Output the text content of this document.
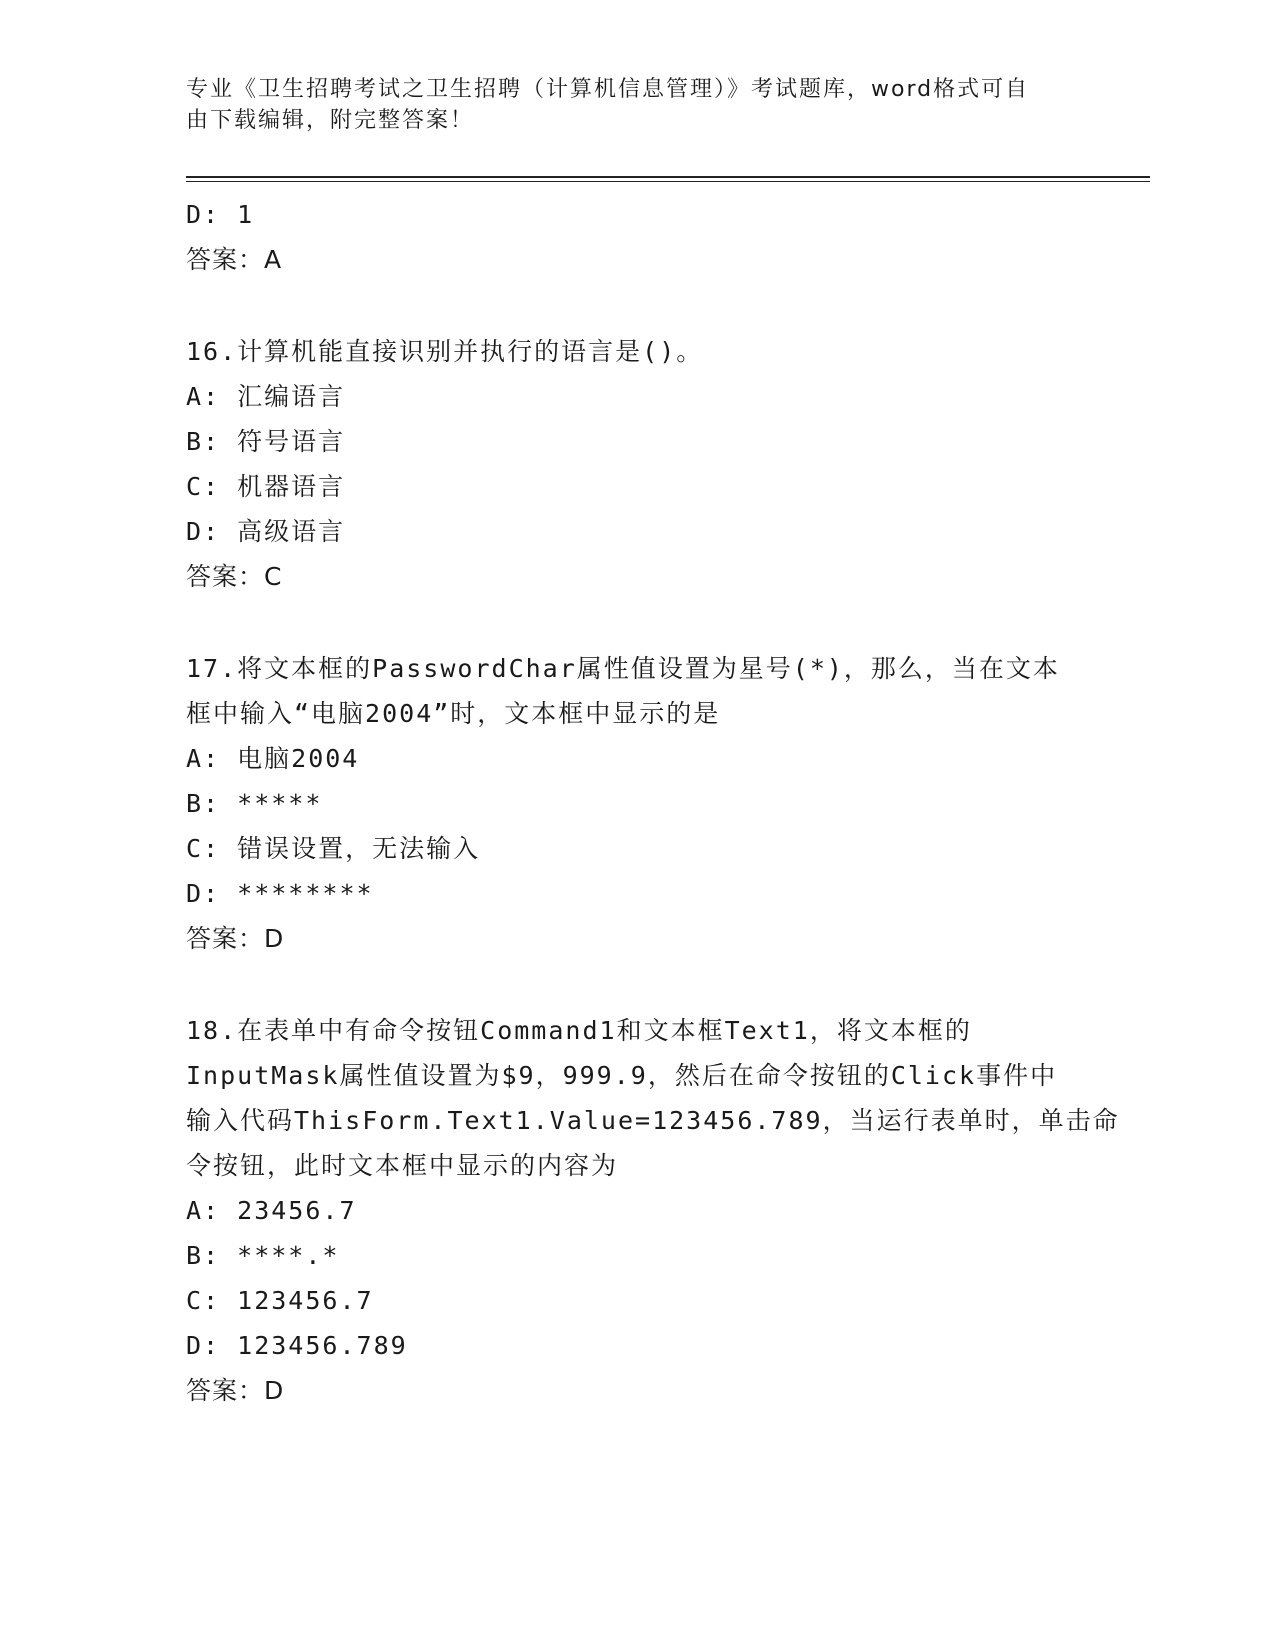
专业《卫生招聘考试之卫生招聘（计算机信息管理）》考试题库，word格式可自
由下载编辑，附完整答案！
D: 1
答案：A
16.计算机能直接识别并执行的语言是()。
A: 汇编语言
B: 符号语言
C: 机器语言
D: 高级语言
答案：C
17.将文本框的PasswordChar属性值设置为星号(*)，那么，当在文本
框中输入“电脑2004”时，文本框中显示的是
A: 电脑2004
B: *****
C: 错误设置，无法输入
D: ********
答案：D
18.在表单中有命令按钮Command1和文本框Text1，将文本框的
InputMask属性值设置为$9，999.9，然后在命令按钮的Click事件中
输入代码ThisForm.Text1.Value=123456.789，当运行表单时，单击命
令按钮，此时文本框中显示的内容为
A: 23456.7
B: ****.*
C: 123456.7
D: 123456.789
答案：D
